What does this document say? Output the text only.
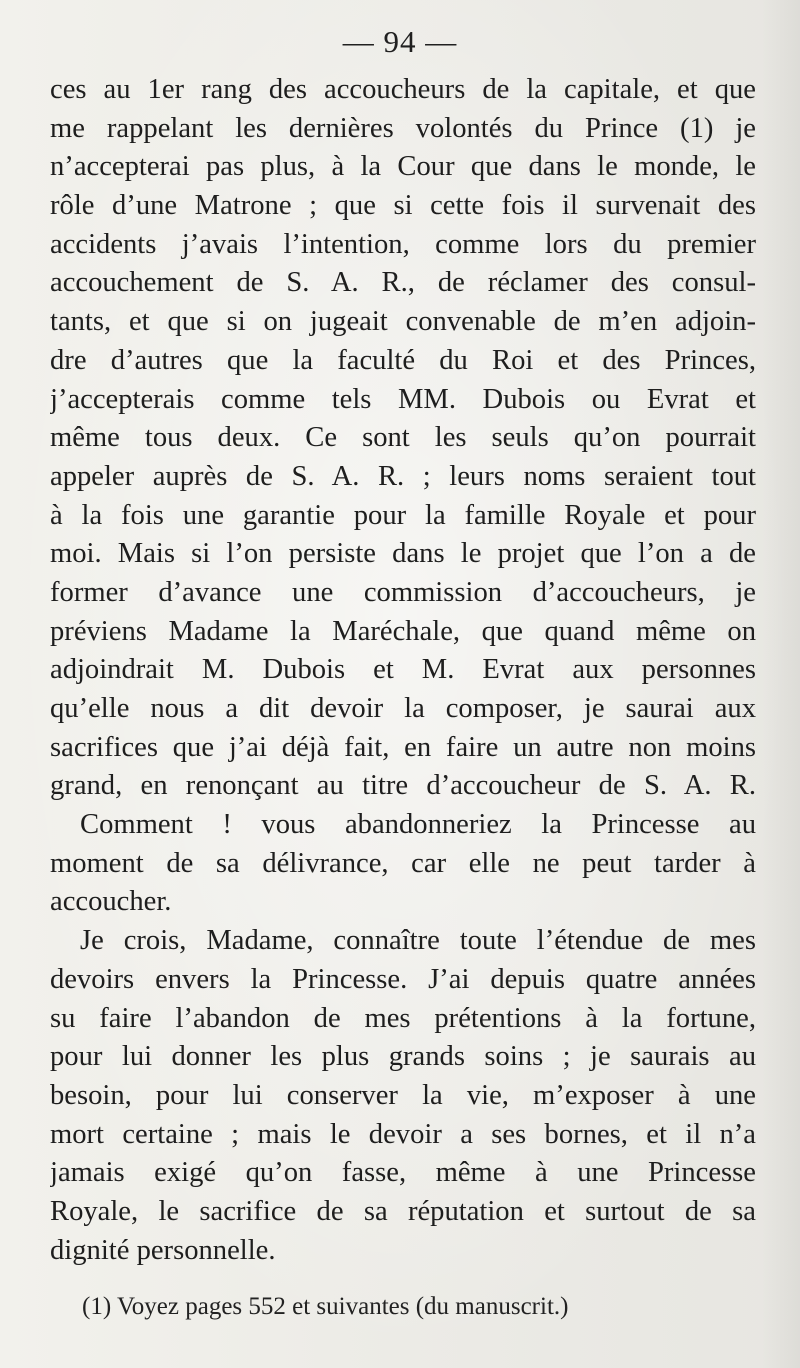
— 94 —

ces au 1er rang des accoucheurs de la capitale, et que
me rappelant les dernières volontés du Prince (1) je
n’accepterai pas plus, à la Cour que dans le monde, le
rôle d’une Matrone ; que si cette fois il survenait des
accidents j’avais l’intention, comme lors du premier
accouchement de S. A. R., de réclamer des consul-
tants, et que si on jugeait convenable de m’en adjoin-
dre d’autres que la faculté du Roi et des Princes,
j’accepterais comme tels MM. Dubois ou Evrat et
même tous deux. Ce sont les seuls qu’on pourrait
appeler auprès de S. A. R. ; leurs noms seraient tout
à la fois une garantie pour la famille Royale et pour
moi. Mais si l’on persiste dans le projet que l’on a de
former d’avance une commission d’accoucheurs, je
préviens Madame la Maréchale, que quand même on
adjoindrait M. Dubois et M. Evrat aux personnes
qu’elle nous a dit devoir la composer, je saurai aux
sacrifices que j’ai déjà fait, en faire un autre non moins
grand, en renonçant au titre d’accoucheur de S. A. R.

Comment ! vous abandonneriez la Princesse au
moment de sa délivrance, car elle ne peut tarder à
accoucher.

Je crois, Madame, connaître toute l’étendue de mes
devoirs envers la Princesse. J’ai depuis quatre années
su faire l’abandon de mes prétentions à la fortune,
pour lui donner les plus grands soins ; je saurais au
besoin, pour lui conserver la vie, m’exposer à une
mort certaine ; mais le devoir a ses bornes, et il n’a
jamais exigé qu’on fasse, même à une Princesse
Royale, le sacrifice de sa réputation et surtout de sa
dignité personnelle.

(1) Voyez pages 552 et suivantes (du manuscrit.)
